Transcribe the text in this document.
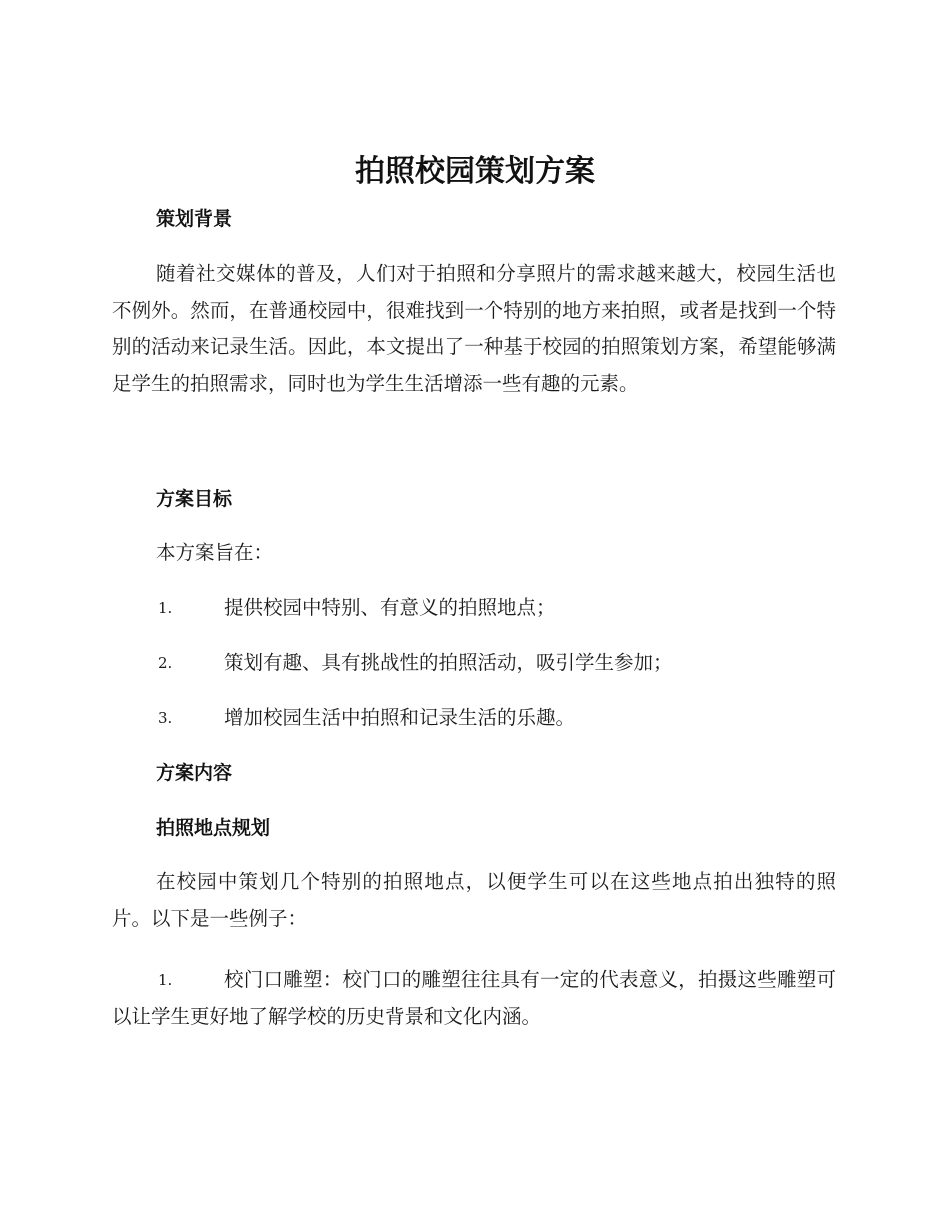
拍照校园策划方案
策划背景
随着社交媒体的普及，人们对于拍照和分享照片的需求越来越大，校园生活也不例外。然而，在普通校园中，很难找到一个特别的地方来拍照，或者是找到一个特别的活动来记录生活。因此，本文提出了一种基于校园的拍照策划方案，希望能够满足学生的拍照需求，同时也为学生生活增添一些有趣的元素。
方案目标
本方案旨在：
1.	提供校园中特别、有意义的拍照地点；
2.	策划有趣、具有挑战性的拍照活动，吸引学生参加；
3.	增加校园生活中拍照和记录生活的乐趣。
方案内容
拍照地点规划
在校园中策划几个特别的拍照地点，以便学生可以在这些地点拍出独特的照片。以下是一些例子：
1.	校门口雕塑：校门口的雕塑往往具有一定的代表意义，拍摄这些雕塑可以让学生更好地了解学校的历史背景和文化内涵。
